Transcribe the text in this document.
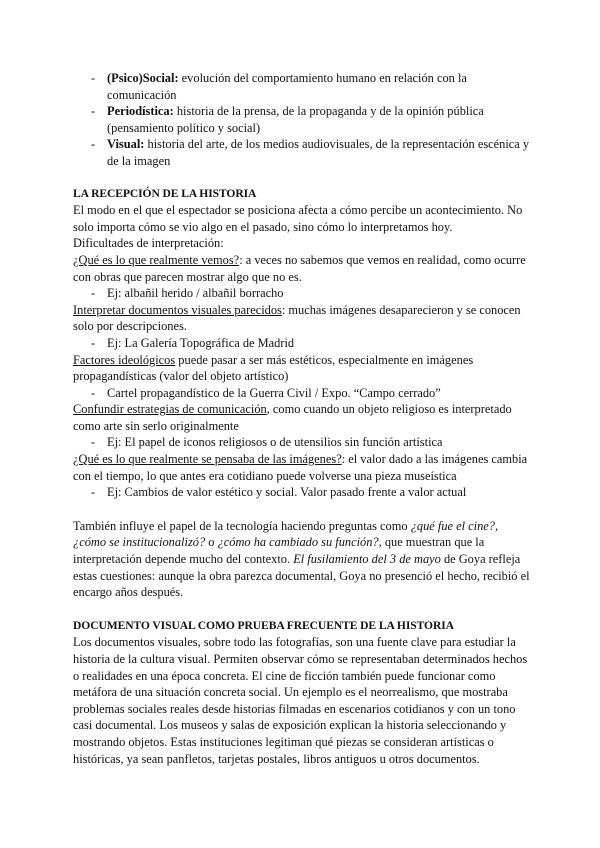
- (Psico)Social: evolución del comportamiento humano en relación con la comunicación
- Periodística: historia de la prensa, de la propaganda y de la opinión pública (pensamiento político y social)
- Visual: historia del arte, de los medios audiovisuales, de la representación escénica y de la imagen

LA RECEPCIÓN DE LA HISTORIA

El modo en el que el espectador se posiciona afecta a cómo percibe un acontecimiento. No solo importa cómo se vio algo en el pasado, sino cómo lo interpretamos hoy.

Dificultades de interpretación:

¿Qué es lo que realmente vemos?: a veces no sabemos que vemos en realidad, como ocurre con obras que parecen mostrar algo que no es.

- Ej: albañil herido / albañil borracho

Interpretar documentos visuales parecidos: muchas imágenes desaparecieron y se conocen solo por descripciones.

- Ej: La Galería Topográfica de Madrid

Factores ideológicos puede pasar a ser más estéticos, especialmente en imágenes propagandísticas (valor del objeto artístico)

- Cartel propagandístico de la Guerra Civil / Expo. “Campo cerrado”

Confundir estrategias de comunicación, como cuando un objeto religioso es interpretado como arte sin serlo originalmente

- Ej: El papel de iconos religiosos o de utensilios sin función artística

¿Qué es lo que realmente se pensaba de las imágenes?: el valor dado a las imágenes cambia con el tiempo, lo que antes era cotidiano puede volverse una pieza museística

- Ej: Cambios de valor estético y social. Valor pasado frente a valor actual

También influye el papel de la tecnología haciendo preguntas como ¿qué fue el cine?, ¿cómo se institucionalizó? o ¿cómo ha cambiado su función?, que muestran que la interpretación depende mucho del contexto. El fusilamiento del 3 de mayo de Goya refleja estas cuestiones: aunque la obra parezca documental, Goya no presenció el hecho, recibió el encargo años después.

DOCUMENTO VISUAL COMO PRUEBA FRECUENTE DE LA HISTORIA

Los documentos visuales, sobre todo las fotografías, son una fuente clave para estudiar la historia de la cultura visual. Permiten observar cómo se representaban determinados hechos o realidades en una época concreta. El cine de ficción también puede funcionar como metáfora de una situación concreta social. Un ejemplo es el neorrealismo, que mostraba problemas sociales reales desde historias filmadas en escenarios cotidianos y con un tono casi documental. Los museos y salas de exposición explican la historia seleccionando y mostrando objetos. Estas instituciones legitiman qué piezas se consideran artísticas o históricas, ya sean panfletos, tarjetas postales, libros antiguos u otros documentos.
